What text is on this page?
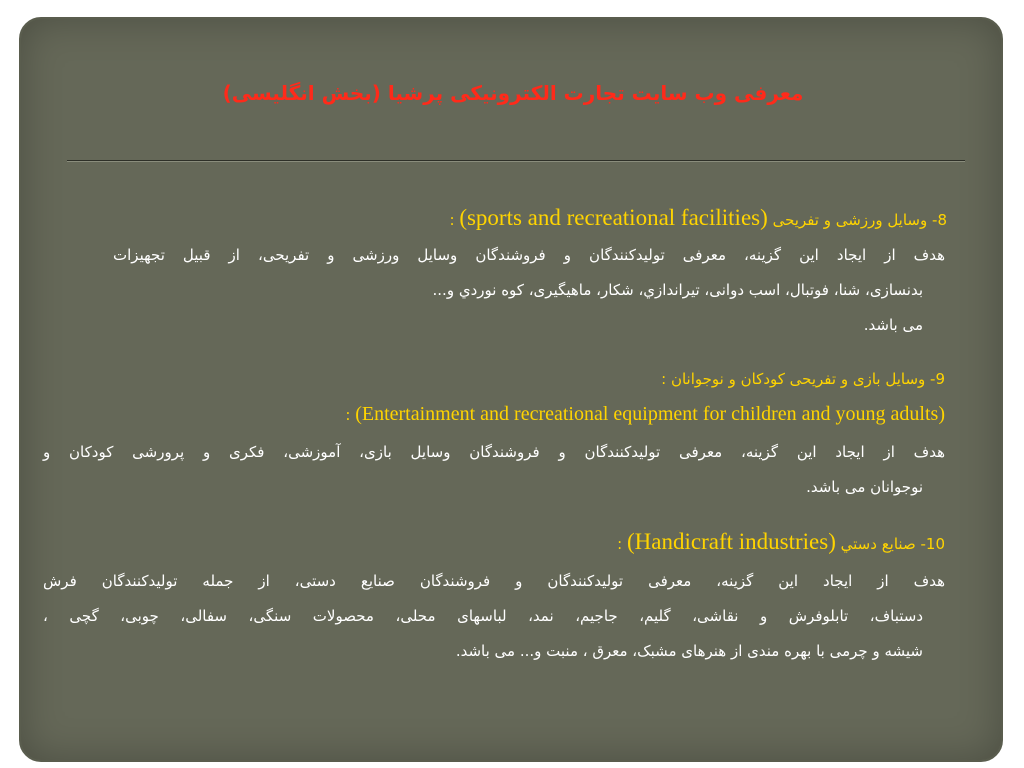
معرفی وب سایت تجارت الکترونیکی پرشیا (بخش انگلیسی)
8- وسایل ورزشی و تفریحی (sports and recreational facilities) :
هدف از ایجاد این گزینه، معرفی تولیدکنندگان و فروشندگان وسایل ورزشی و تفریحی، از قبیل تجهیزات
بدنسازی، شنا، فوتبال، اسب دوانی، تیراندازي، شکار، ماهیگیری، کوه نوردي و...
می باشد.
9- وسایل بازی و تفریحی کودکان و نوجوانان :
(Entertainment and recreational equipment for children and young adults) :
هدف از ایجاد این گزینه، معرفی تولیدکنندگان و فروشندگان وسایل بازی، آموزشی، فکری و پرورشی کودکان و
نوجوانان می باشد.
10- صنایع دستي (Handicraft industries) :
هدف از ایجاد این گزینه، معرفی تولیدکنندگان و فروشندگان صنایع دستی، از جمله تولیدکنندگان فرش
دستباف، تابلوفرش و نقاشی، گلیم، جاجیم، نمد، لباسهای محلی، محصولات سنگی، سفالی، چوبی، گچی ،
شیشه و چرمی با بهره مندی از هنرهای مشبک، معرق ، منبت و... می باشد.
